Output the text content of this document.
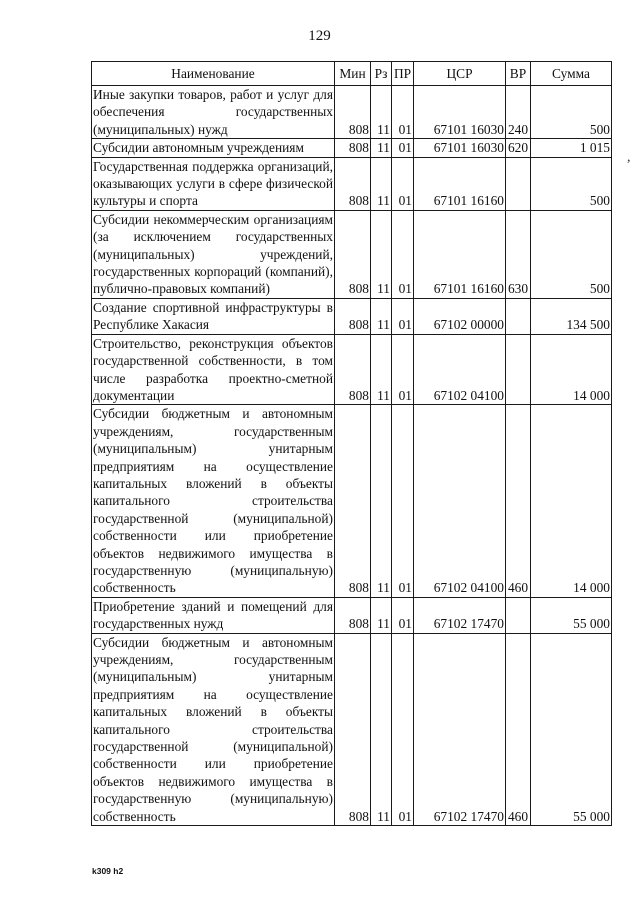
129
Наименование	Мин	Рз	ПР	ЦСР	ВР	Сумма
Иные закупки товаров, работ и услуг для обеспечения государственных (муниципальных) нужд	808	11	01	67101 16030	240	500
Субсидии автономным учреждениям	808	11	01	67101 16030	620	1 015
Государственная поддержка организаций, оказывающих услуги в сфере физической культуры и спорта	808	11	01	67101 16160		500
Субсидии некоммерческим организациям (за исключением государственных (муниципальных) учреждений, государственных корпораций (компаний), публично-правовых компаний)	808	11	01	67101 16160	630	500
Создание спортивной инфраструктуры в Республике Хакасия	808	11	01	67102 00000		134 500
Строительство, реконструкция объектов государственной собственности, в том числе разработка проектно-сметной документации	808	11	01	67102 04100		14 000
Субсидии бюджетным и автономным учреждениям, государственным (муниципальным) унитарным предприятиям на осуществление капитальных вложений в объекты капитального строительства государственной (муниципальной) собственности или приобретение объектов недвижимого имущества в государственную (муниципальную) собственность	808	11	01	67102 04100	460	14 000
Приобретение зданий и помещений для государственных нужд	808	11	01	67102 17470		55 000
Субсидии бюджетным и автономным учреждениям, государственным (муниципальным) унитарным предприятиям на осуществление капитальных вложений в объекты капитального строительства государственной (муниципальной) собственности или приобретение объектов недвижимого имущества в государственную (муниципальную) собственность	808	11	01	67102 17470	460	55 000
,
k309 h2
